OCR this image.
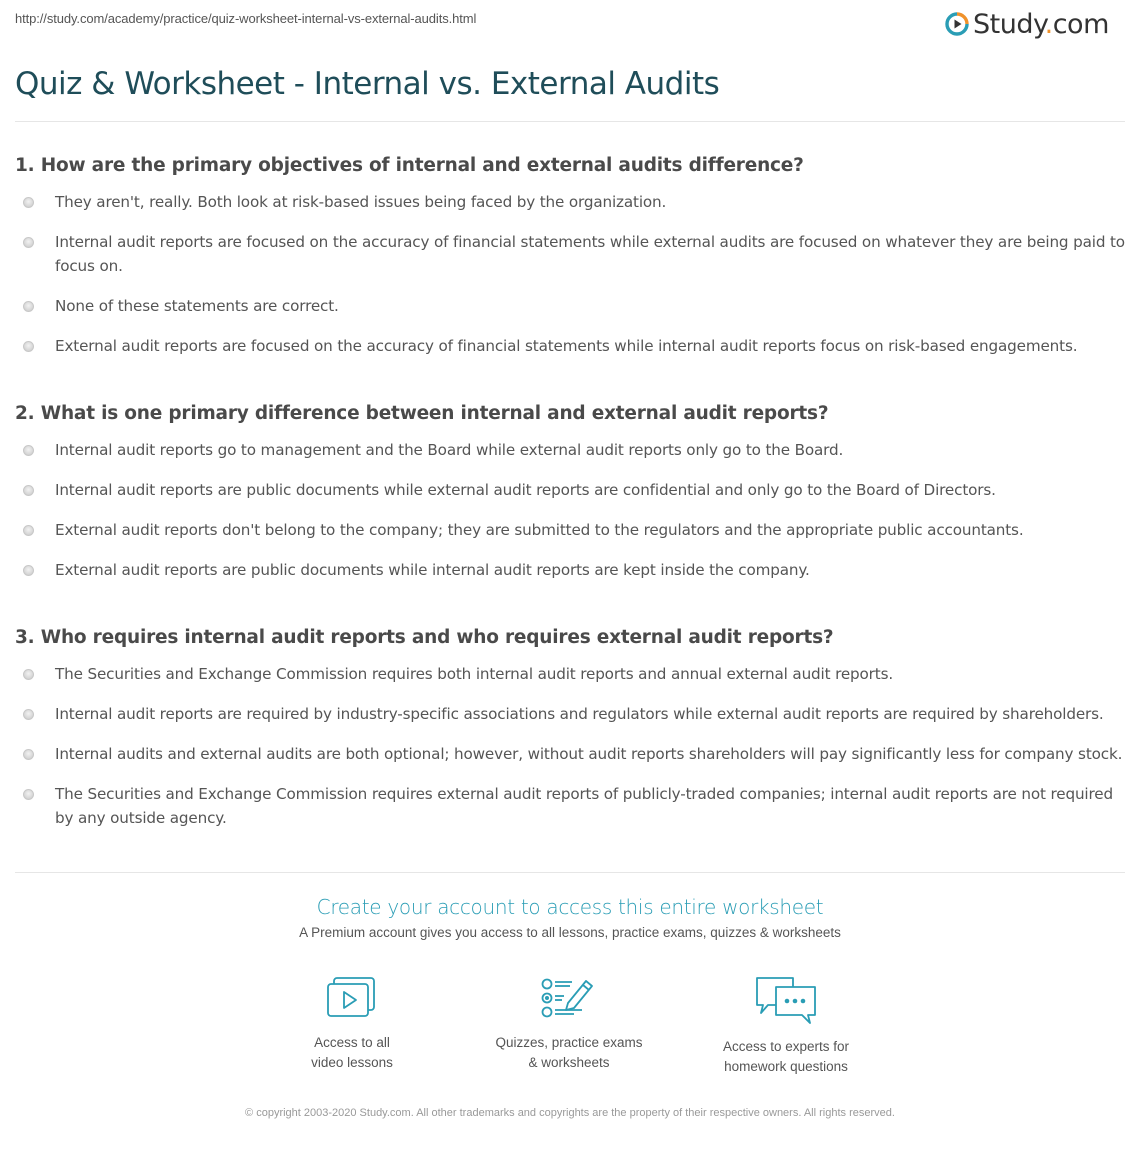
http://study.com/academy/practice/quiz-worksheet-internal-vs-external-audits.html	Study.com
Quiz & Worksheet - Internal vs. External Audits
1. How are the primary objectives of internal and external audits difference?
They aren't, really. Both look at risk-based issues being faced by the organization.
Internal audit reports are focused on the accuracy of financial statements while external audits are focused on whatever they are being paid to focus on.
None of these statements are correct.
External audit reports are focused on the accuracy of financial statements while internal audit reports focus on risk-based engagements.
2. What is one primary difference between internal and external audit reports?
Internal audit reports go to management and the Board while external audit reports only go to the Board.
Internal audit reports are public documents while external audit reports are confidential and only go to the Board of Directors.
External audit reports don't belong to the company; they are submitted to the regulators and the appropriate public accountants.
External audit reports are public documents while internal audit reports are kept inside the company.
3. Who requires internal audit reports and who requires external audit reports?
The Securities and Exchange Commission requires both internal audit reports and annual external audit reports.
Internal audit reports are required by industry-specific associations and regulators while external audit reports are required by shareholders.
Internal audits and external audits are both optional; however, without audit reports shareholders will pay significantly less for company stock.
The Securities and Exchange Commission requires external audit reports of publicly-traded companies; internal audit reports are not required by any outside agency.
Create your account to access this entire worksheet
A Premium account gives you access to all lessons, practice exams, quizzes & worksheets
Access to all
video lessons
Quizzes, practice exams
& worksheets
Access to experts for
homework questions
© copyright 2003-2020 Study.com. All other trademarks and copyrights are the property of their respective owners. All rights reserved.
